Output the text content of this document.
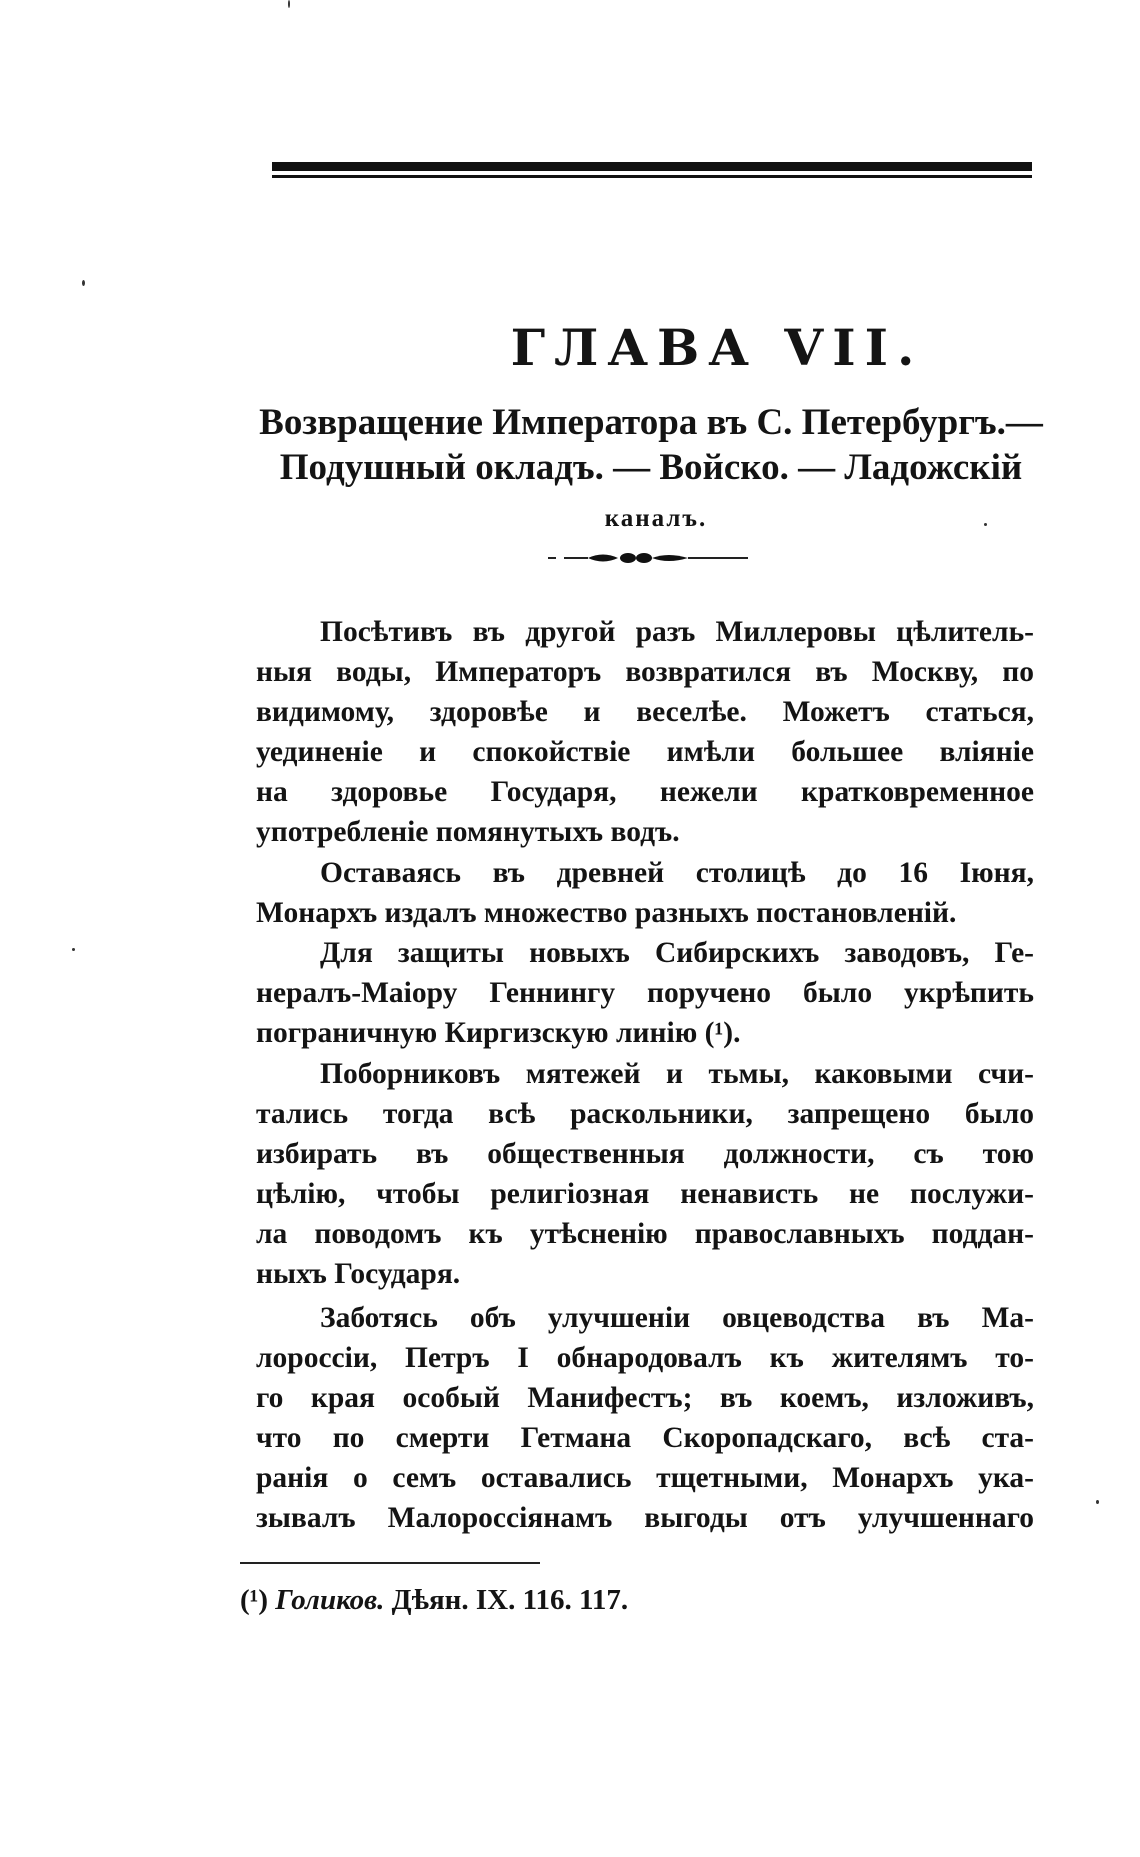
ГЛАВА VII.
Возвращение Императора въ С. Петербургъ.—
Подушный окладъ. — Войско. — Ладожскій
каналъ.
Посѣтивъ въ другой разъ Миллеровы цѣлитель-
ныя воды, Императоръ возвратился въ Москву, по
видимому, здоровѣе и веселѣе. Можетъ статься,
уединеніе и спокойствіе имѣли большее вліяніе
на здоровье Государя, нежели кратковременное
употребленіе помянутыхъ водъ.
Оставаясь въ древней столицѣ до 16 Іюня,
Монархъ издалъ множество разныхъ постановленій.
Для защиты новыхъ Сибирскихъ заводовъ, Ге-
нералъ-Маіору Геннингу поручено было укрѣпить
пограничную Киргизскую линію (¹).
Поборниковъ мятежей и тьмы, каковыми счи-
тались тогда всѣ раскольники, запрещено было
избирать въ общественныя должности, съ тою
цѣлію, чтобы религіозная ненависть не послужи-
ла поводомъ къ утѣсненію православныхъ поддан-
ныхъ Государя.
Заботясь объ улучшеніи овцеводства въ Ма-
лороссіи, Петръ I обнародовалъ къ жителямъ то-
го края особый Манифестъ; въ коемъ, изложивъ,
что по смерти Гетмана Скоропадскаго, всѣ ста-
ранія о семъ оставались тщетными, Монархъ ука-
зывалъ Малороссіянамъ выгоды отъ улучшеннаго
(¹) Голиков. Дѣян. IX. 116. 117.
